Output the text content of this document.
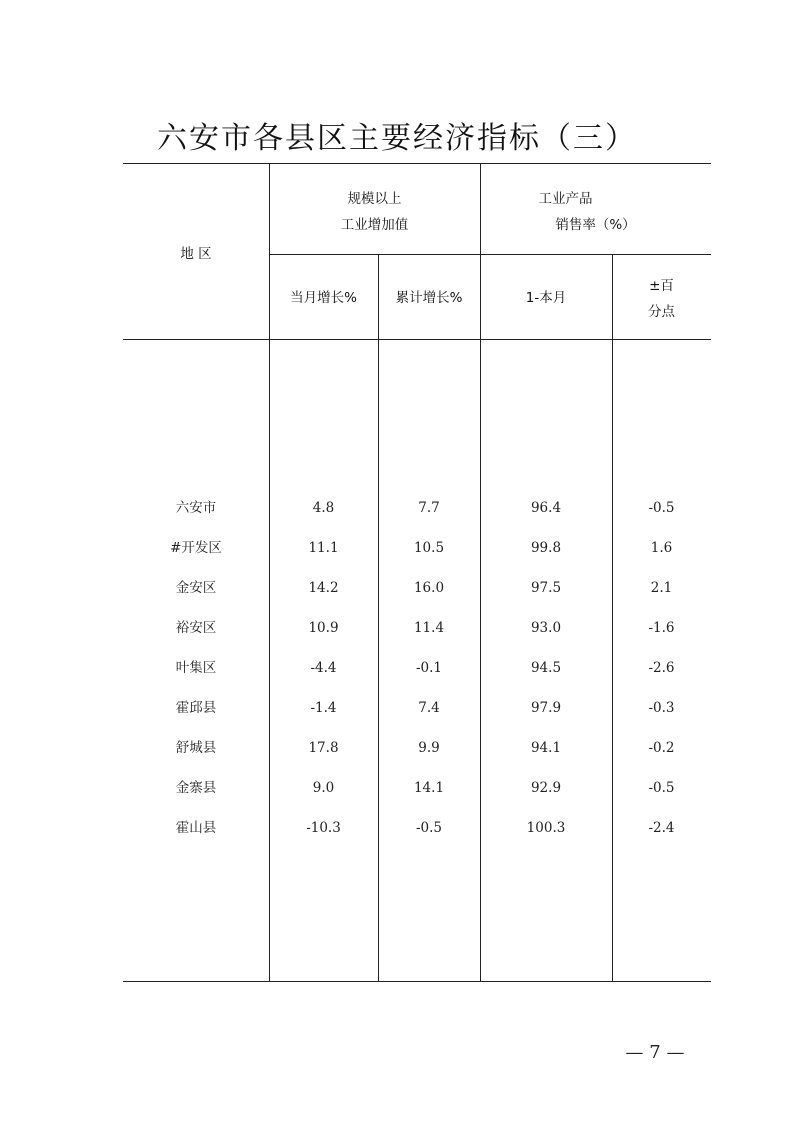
六安市各县区主要经济指标（三）
地 区
规模以上
工业增加值
工业产品
销售率（%）
当月增长%	累计增长%	1-本月
±百
分点
六安市	4.8	7.7	96.4	-0.5
#开发区	11.1	10.5	99.8	1.6
金安区	14.2	16.0	97.5	2.1
裕安区	10.9	11.4	93.0	-1.6
叶集区	-4.4	-0.1	94.5	-2.6
霍邱县	-1.4	7.4	97.9	-0.3
舒城县	17.8	9.9	94.1	-0.2
金寨县	9.0	14.1	92.9	-0.5
霍山县	-10.3	-0.5	100.3	-2.4
— 7 —
